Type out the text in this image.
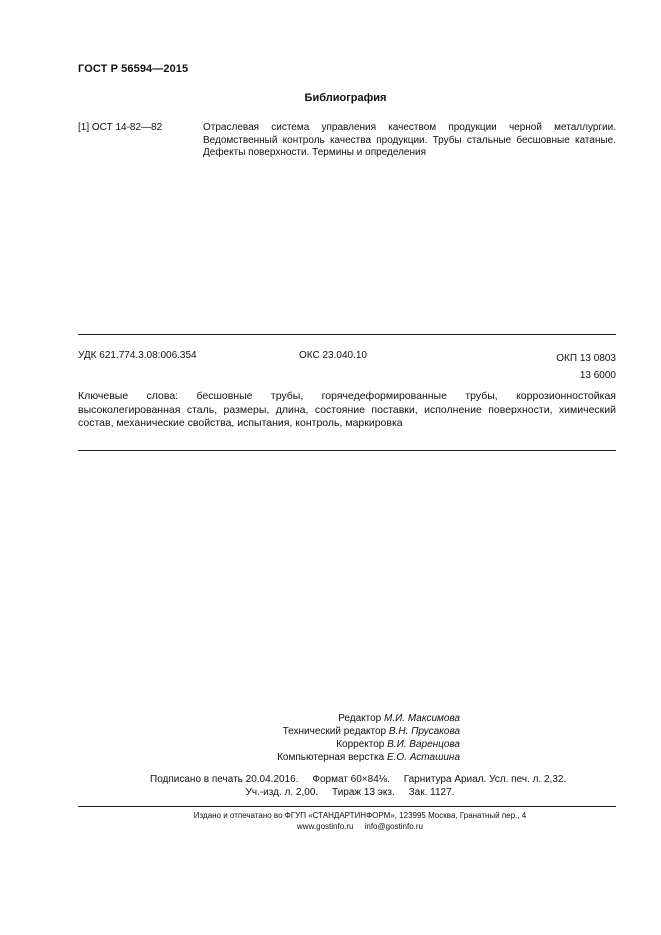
ГОСТ Р 56594—2015
Библиография
[1] ОСТ 14-82—82	Отраслевая система управления качеством продукции черной металлургии. Ведомственный контроль качества продукции. Трубы стальные бесшовные катаные. Дефекты поверхности. Термины и определения
УДК 621.774.3.08:006.354	ОКС 23.040.10	ОКП 13 0803
13 6000
Ключевые слова: бесшовные трубы, горячедеформированные трубы, коррозионностойкая высоколегированная сталь, размеры, длина, состояние поставки, исполнение поверхности, химический состав, механические свойства, испытания, контроль, маркировка
Редактор М.И. Максимова
Технический редактор В.Н. Прусакова
Корректор В.И. Варенцова
Компьютерная верстка Е.О. Асташина
Подписано в печать 20.04.2016.     Формат 60×84⅛.     Гарнитура Ариал. Усл. печ. л. 2,32.
Уч.-изд. л. 2,00.     Тираж 13 экз.     Зак. 1127.
Издано и отпечатано во ФГУП «СТАНДАРТИНФОРМ», 123995 Москва, Гранатный пер., 4
www.gostinfo.ru     info@gostinfo.ru
